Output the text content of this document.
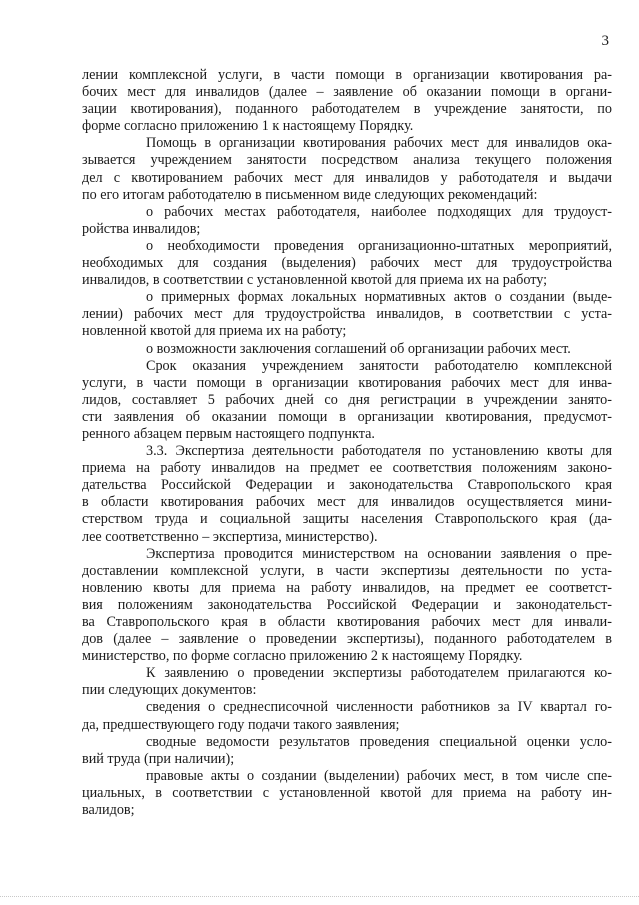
3
лении комплексной услуги, в части помощи в организации квотирования ра-
бочих мест для инвалидов (далее – заявление об оказании помощи в органи-
зации квотирования), поданного работодателем в учреждение занятости, по
форме согласно приложению 1 к настоящему Порядку.
Помощь в организации квотирования рабочих мест для инвалидов ока-
зывается учреждением занятости посредством анализа текущего положения
дел с квотированием рабочих мест для инвалидов у работодателя и выдачи
по его итогам работодателю в письменном виде следующих рекомендаций:
о рабочих местах работодателя, наиболее подходящих для трудоуст-
ройства инвалидов;
о необходимости проведения организационно-штатных мероприятий,
необходимых для создания (выделения) рабочих мест для трудоустройства
инвалидов, в соответствии с установленной квотой для приема их на работу;
о примерных формах локальных нормативных актов о создании (выде-
лении) рабочих мест для трудоустройства инвалидов, в соответствии с уста-
новленной квотой для приема их на работу;
о возможности заключения соглашений об организации рабочих мест.
Срок оказания учреждением занятости работодателю комплексной
услуги, в части помощи в организации квотирования рабочих мест для инва-
лидов, составляет 5 рабочих дней со дня регистрации в учреждении занято-
сти заявления об оказании помощи в организации квотирования, предусмот-
ренного абзацем первым настоящего подпункта.
3.3. Экспертиза деятельности работодателя по установлению квоты для
приема на работу инвалидов на предмет ее соответствия положениям законо-
дательства Российской Федерации и законодательства Ставропольского края
в области квотирования рабочих мест для инвалидов осуществляется мини-
стерством труда и социальной защиты населения Ставропольского края (да-
лее соответственно – экспертиза, министерство).
Экспертиза проводится министерством на основании заявления о пре-
доставлении комплексной услуги, в части экспертизы деятельности по уста-
новлению квоты для приема на работу инвалидов, на предмет ее соответст-
вия положениям законодательства Российской Федерации и законодательст-
ва Ставропольского края в области квотирования рабочих мест для инвали-
дов (далее – заявление о проведении экспертизы), поданного работодателем в
министерство, по форме согласно приложению 2 к настоящему Порядку.
К заявлению о проведении экспертизы работодателем прилагаются ко-
пии следующих документов:
сведения о среднесписочной численности работников за IV квартал го-
да, предшествующего году подачи такого заявления;
сводные ведомости результатов проведения специальной оценки усло-
вий труда (при наличии);
правовые акты о создании (выделении) рабочих мест, в том числе спе-
циальных, в соответствии с установленной квотой для приема на работу ин-
валидов;
